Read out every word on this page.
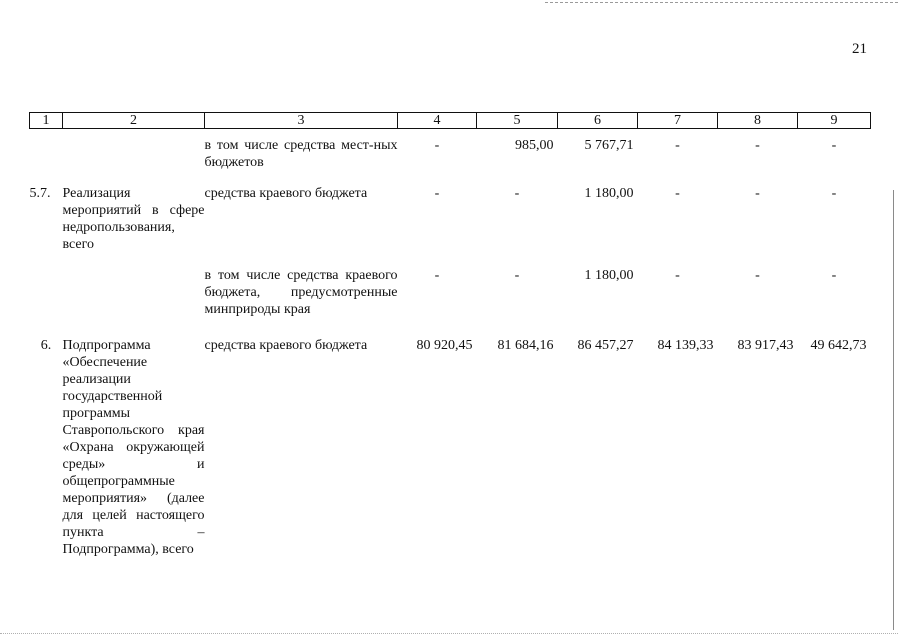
21
1	2	3	4	5	6	7	8	9

		в том числе средства мест-ных бюджетов	-	985,00	5 767,71	-	-	-

5.7.	Реализация мероприятий в сфере недропользования, всего	средства краевого бюджета	-	-	1 180,00	-	-	-

		в том числе средства краевого бюджета, предусмотренные минприроды края	-	-	1 180,00	-	-	-

6.	Подпрограмма «Обеспечение реализации государственной программы Ставропольского края «Охрана окружающей среды» и общепрограммные мероприятия» (далее для целей настоящего пункта – Подпрограмма), всего	средства краевого бюджета	80 920,45	81 684,16	86 457,27	84 139,33	83 917,43	49 642,73
